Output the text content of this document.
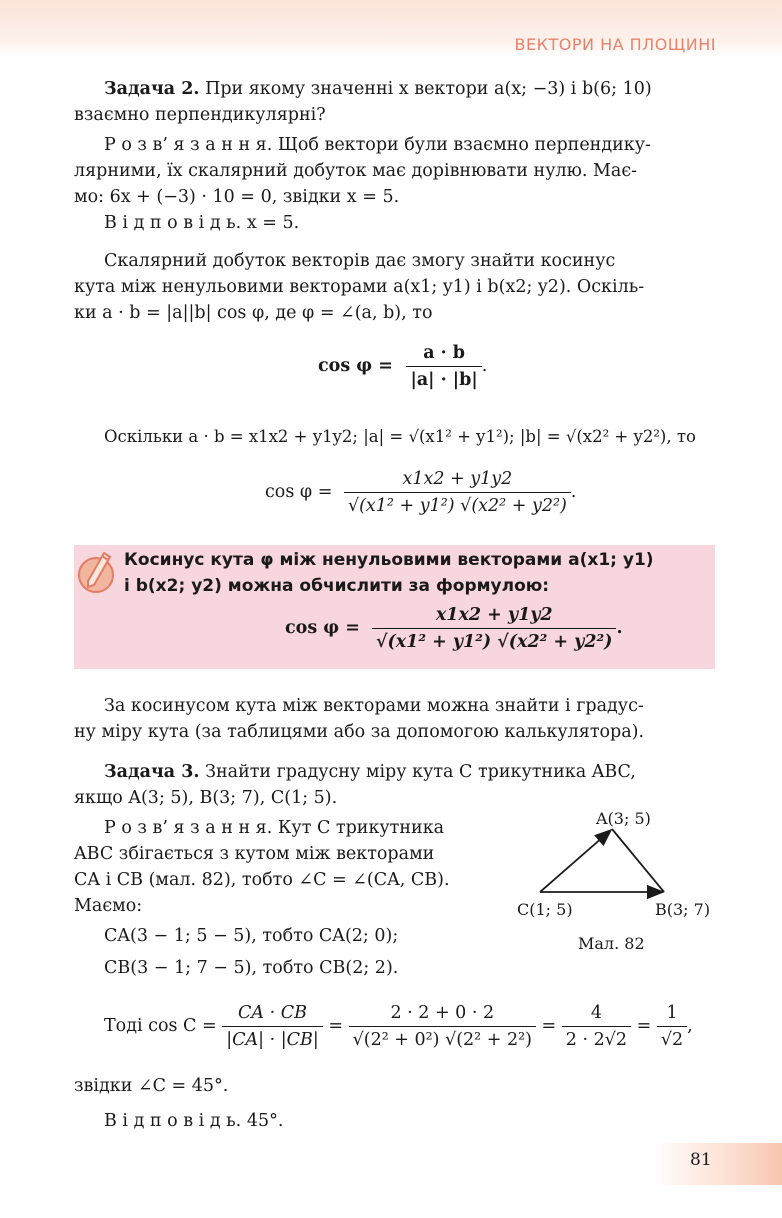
ВЕКТОРИ НА ПЛОЩИНІ
Задача 2. При якому значенні x вектори a(x; −3) і b(6; 10)
взаємно перпендикулярні?
Р о з в’ я з а н н я. Щоб вектори були взаємно перпендику-
лярними, їх скалярний добуток має дорівнювати нулю. Має-
мо: 6x + (−3) · 10 = 0, звідки x = 5.
В і д п о в і д ь. x = 5.
Скалярний добуток векторів дає змогу знайти косинус
кута між ненульовими векторами a(x1; y1) і b(x2; y2). Оскіль-
ки a · b = |a||b| cos φ, де φ = ∠(a, b), то
$\cos \varphi = \frac{a \cdot b}{|a| \cdot |b|}$ .
Оскільки a · b = x1x2 + y1y2; |a| = √(x1² + y1²); |b| = √(x2² + y2²), то
$\cos \varphi = \frac{x1x2 + y1y2}{\text{√(x1² + y1²) √(x2² + y2²)}}$ .
Косинус кута φ між ненульовими векторами a(x1; y1)
і b(x2; y2) можна обчислити за формулою:
$\cos \varphi = \frac{x1x2 + y1y2}{\text{√(x1² + y1²) √(x2² + y2²)}}$ .
За косинусом кута між векторами можна знайти і градус-
ну міру кута (за таблицями або за допомогою калькулятора).
Задача 3. Знайти градусну міру кута C трикутника ABC,
якщо A(3; 5), B(3; 7), C(1; 5).
Р о з в’ я з а н н я. Кут C трикутника
ABC збігається з кутом між векторами
CA і CB (мал. 82), тобто ∠C = ∠(CA, CB).
Маємо:
CA(3 − 1; 5 − 5), тобто CA(2; 0);
CB(3 − 1; 7 − 5), тобто CB(2; 2).
Тоді $\cos C = \frac{CA \cdot CB}{|CA| \cdot |CB|} = \frac{2 \cdot 2 + 0 \cdot 2}{\text{√(2² + 0²) √(2² + 2²)}} = \frac{4}{2 \cdot 2√2} = \frac{1}{√2}$ ,
звідки ∠C = 45°.
В і д п о в і д ь. 45°.
A(3; 5)
C(1; 5)	B(3; 7)
Мал. 82
81
